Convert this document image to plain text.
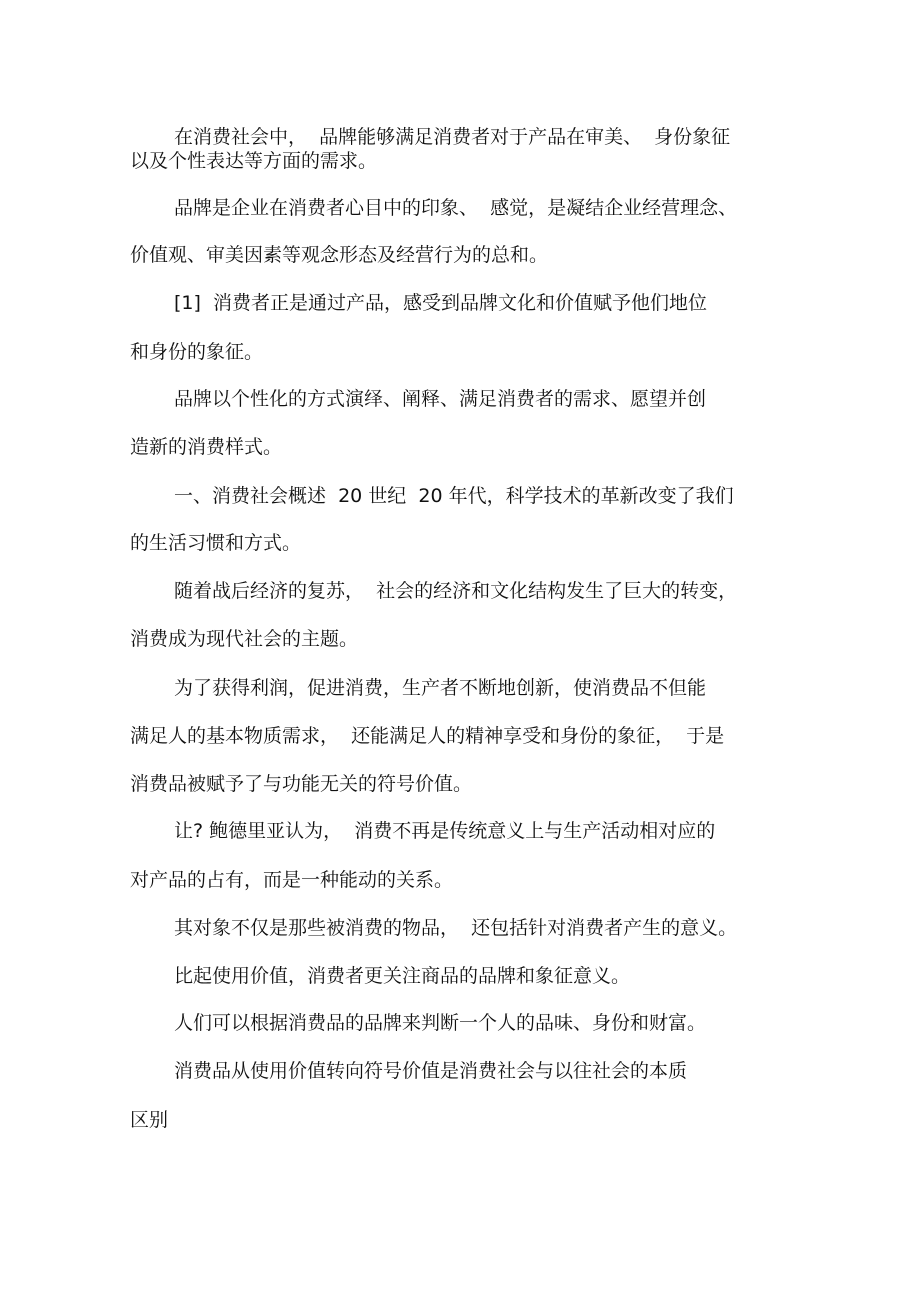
在消费社会中，  品牌能够满足消费者对于产品在审美、  身份象征

以及个性表达等方面的需求。

品牌是企业在消费者心目中的印象、  感觉，是凝结企业经营理念、

价值观、审美因素等观念形态及经营行为的总和。

[1]  消费者正是通过产品，感受到品牌文化和价值赋予他们地位

和身份的象征。

品牌以个性化的方式演绎、阐释、满足消费者的需求、愿望并创

造新的消费样式。

一、消费社会概述  20 世纪  20 年代，科学技术的革新改变了我们

的生活习惯和方式。

随着战后经济的复苏，  社会的经济和文化结构发生了巨大的转变，

消费成为现代社会的主题。

为了获得利润，促进消费，生产者不断地创新，使消费品不但能

满足人的基本物质需求，  还能满足人的精神享受和身份的象征，  于是

消费品被赋予了与功能无关的符号价值。

让? 鲍德里亚认为，  消费不再是传统意义上与生产活动相对应的

对产品的占有，而是一种能动的关系。

其对象不仅是那些被消费的物品，  还包括针对消费者产生的意义。

比起使用价值，消费者更关注商品的品牌和象征意义。

人们可以根据消费品的品牌来判断一个人的品味、身份和财富。

消费品从使用价值转向符号价值是消费社会与以往社会的本质

区别
